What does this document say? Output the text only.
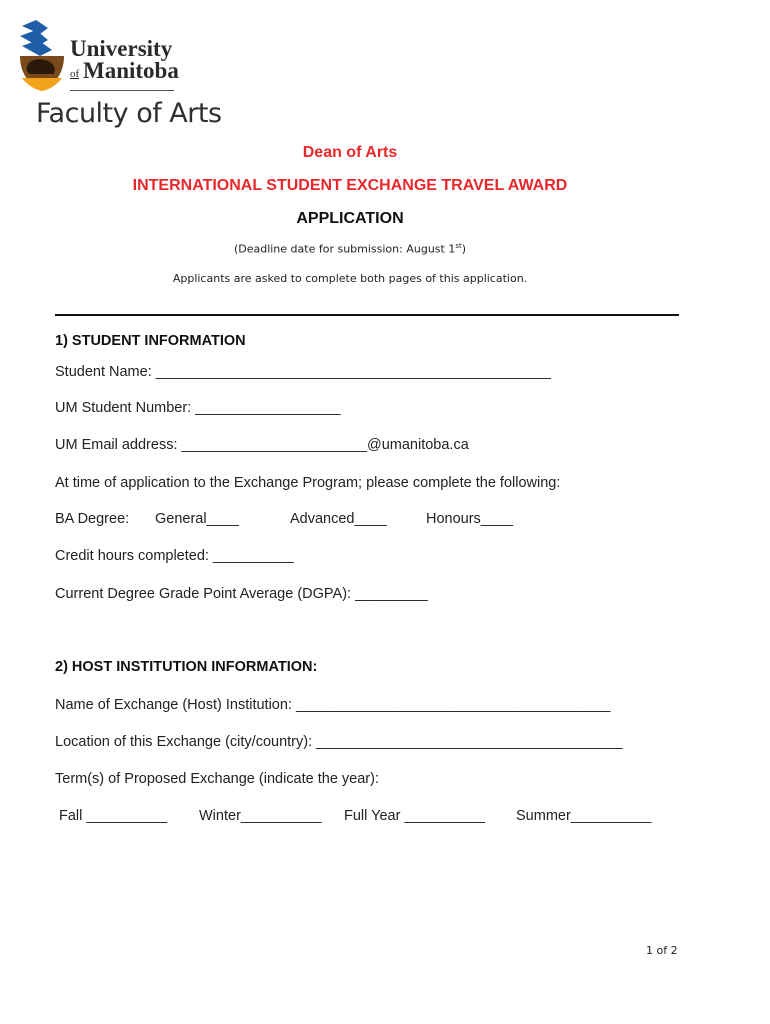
University
of Manitoba
Faculty of Arts
Dean of Arts
INTERNATIONAL STUDENT EXCHANGE TRAVEL AWARD
APPLICATION
(Deadline date for submission: August 1st)
Applicants are asked to complete both pages of this application.
1) STUDENT INFORMATION
Student Name: _________________________________________________
UM Student Number: __________________
UM Email address: _______________________@umanitoba.ca
At time of application to the Exchange Program; please complete the following:
BA Degree: General____	Advanced____	Honours____
Credit hours completed: __________
Current Degree Grade Point Average (DGPA): _________
2) HOST INSTITUTION INFORMATION:
Name of Exchange (Host) Institution: _______________________________________
Location of this Exchange (city/country): ______________________________________
Term(s) of Proposed Exchange (indicate the year):
Fall __________ Winter__________ Full Year __________ Summer__________
1 of 2
